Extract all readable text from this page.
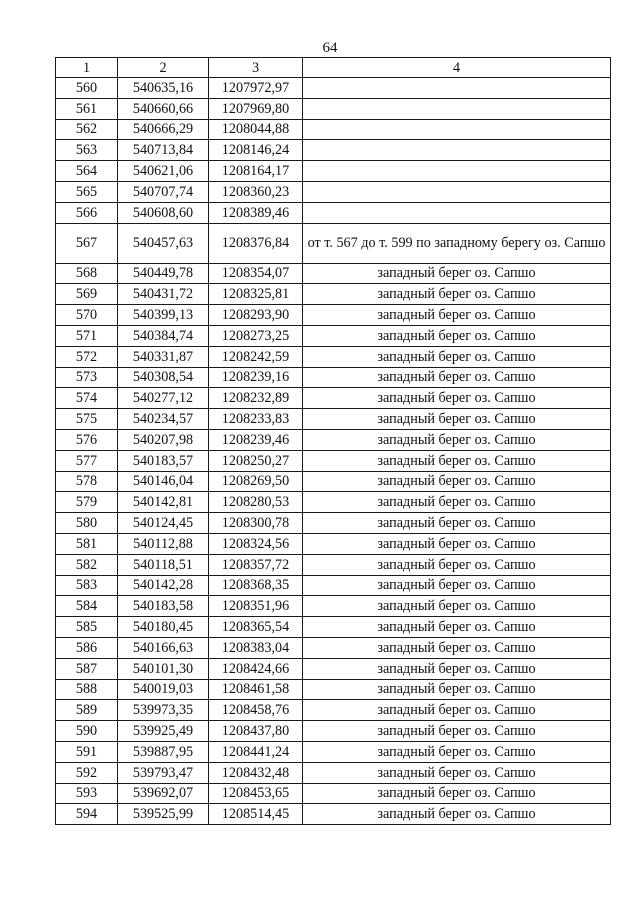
64
1	2	3	4
560	540635,16	1207972,97	
561	540660,66	1207969,80	
562	540666,29	1208044,88	
563	540713,84	1208146,24	
564	540621,06	1208164,17	
565	540707,74	1208360,23	
566	540608,60	1208389,46	
567	540457,63	1208376,84	от т. 567 до т. 599 по западному берегу оз. Сапшо
568	540449,78	1208354,07	западный берег оз. Сапшо
569	540431,72	1208325,81	западный берег оз. Сапшо
570	540399,13	1208293,90	западный берег оз. Сапшо
571	540384,74	1208273,25	западный берег оз. Сапшо
572	540331,87	1208242,59	западный берег оз. Сапшо
573	540308,54	1208239,16	западный берег оз. Сапшо
574	540277,12	1208232,89	западный берег оз. Сапшо
575	540234,57	1208233,83	западный берег оз. Сапшо
576	540207,98	1208239,46	западный берег оз. Сапшо
577	540183,57	1208250,27	западный берег оз. Сапшо
578	540146,04	1208269,50	западный берег оз. Сапшо
579	540142,81	1208280,53	западный берег оз. Сапшо
580	540124,45	1208300,78	западный берег оз. Сапшо
581	540112,88	1208324,56	западный берег оз. Сапшо
582	540118,51	1208357,72	западный берег оз. Сапшо
583	540142,28	1208368,35	западный берег оз. Сапшо
584	540183,58	1208351,96	западный берег оз. Сапшо
585	540180,45	1208365,54	западный берег оз. Сапшо
586	540166,63	1208383,04	западный берег оз. Сапшо
587	540101,30	1208424,66	западный берег оз. Сапшо
588	540019,03	1208461,58	западный берег оз. Сапшо
589	539973,35	1208458,76	западный берег оз. Сапшо
590	539925,49	1208437,80	западный берег оз. Сапшо
591	539887,95	1208441,24	западный берег оз. Сапшо
592	539793,47	1208432,48	западный берег оз. Сапшо
593	539692,07	1208453,65	западный берег оз. Сапшо
594	539525,99	1208514,45	западный берег оз. Сапшо
